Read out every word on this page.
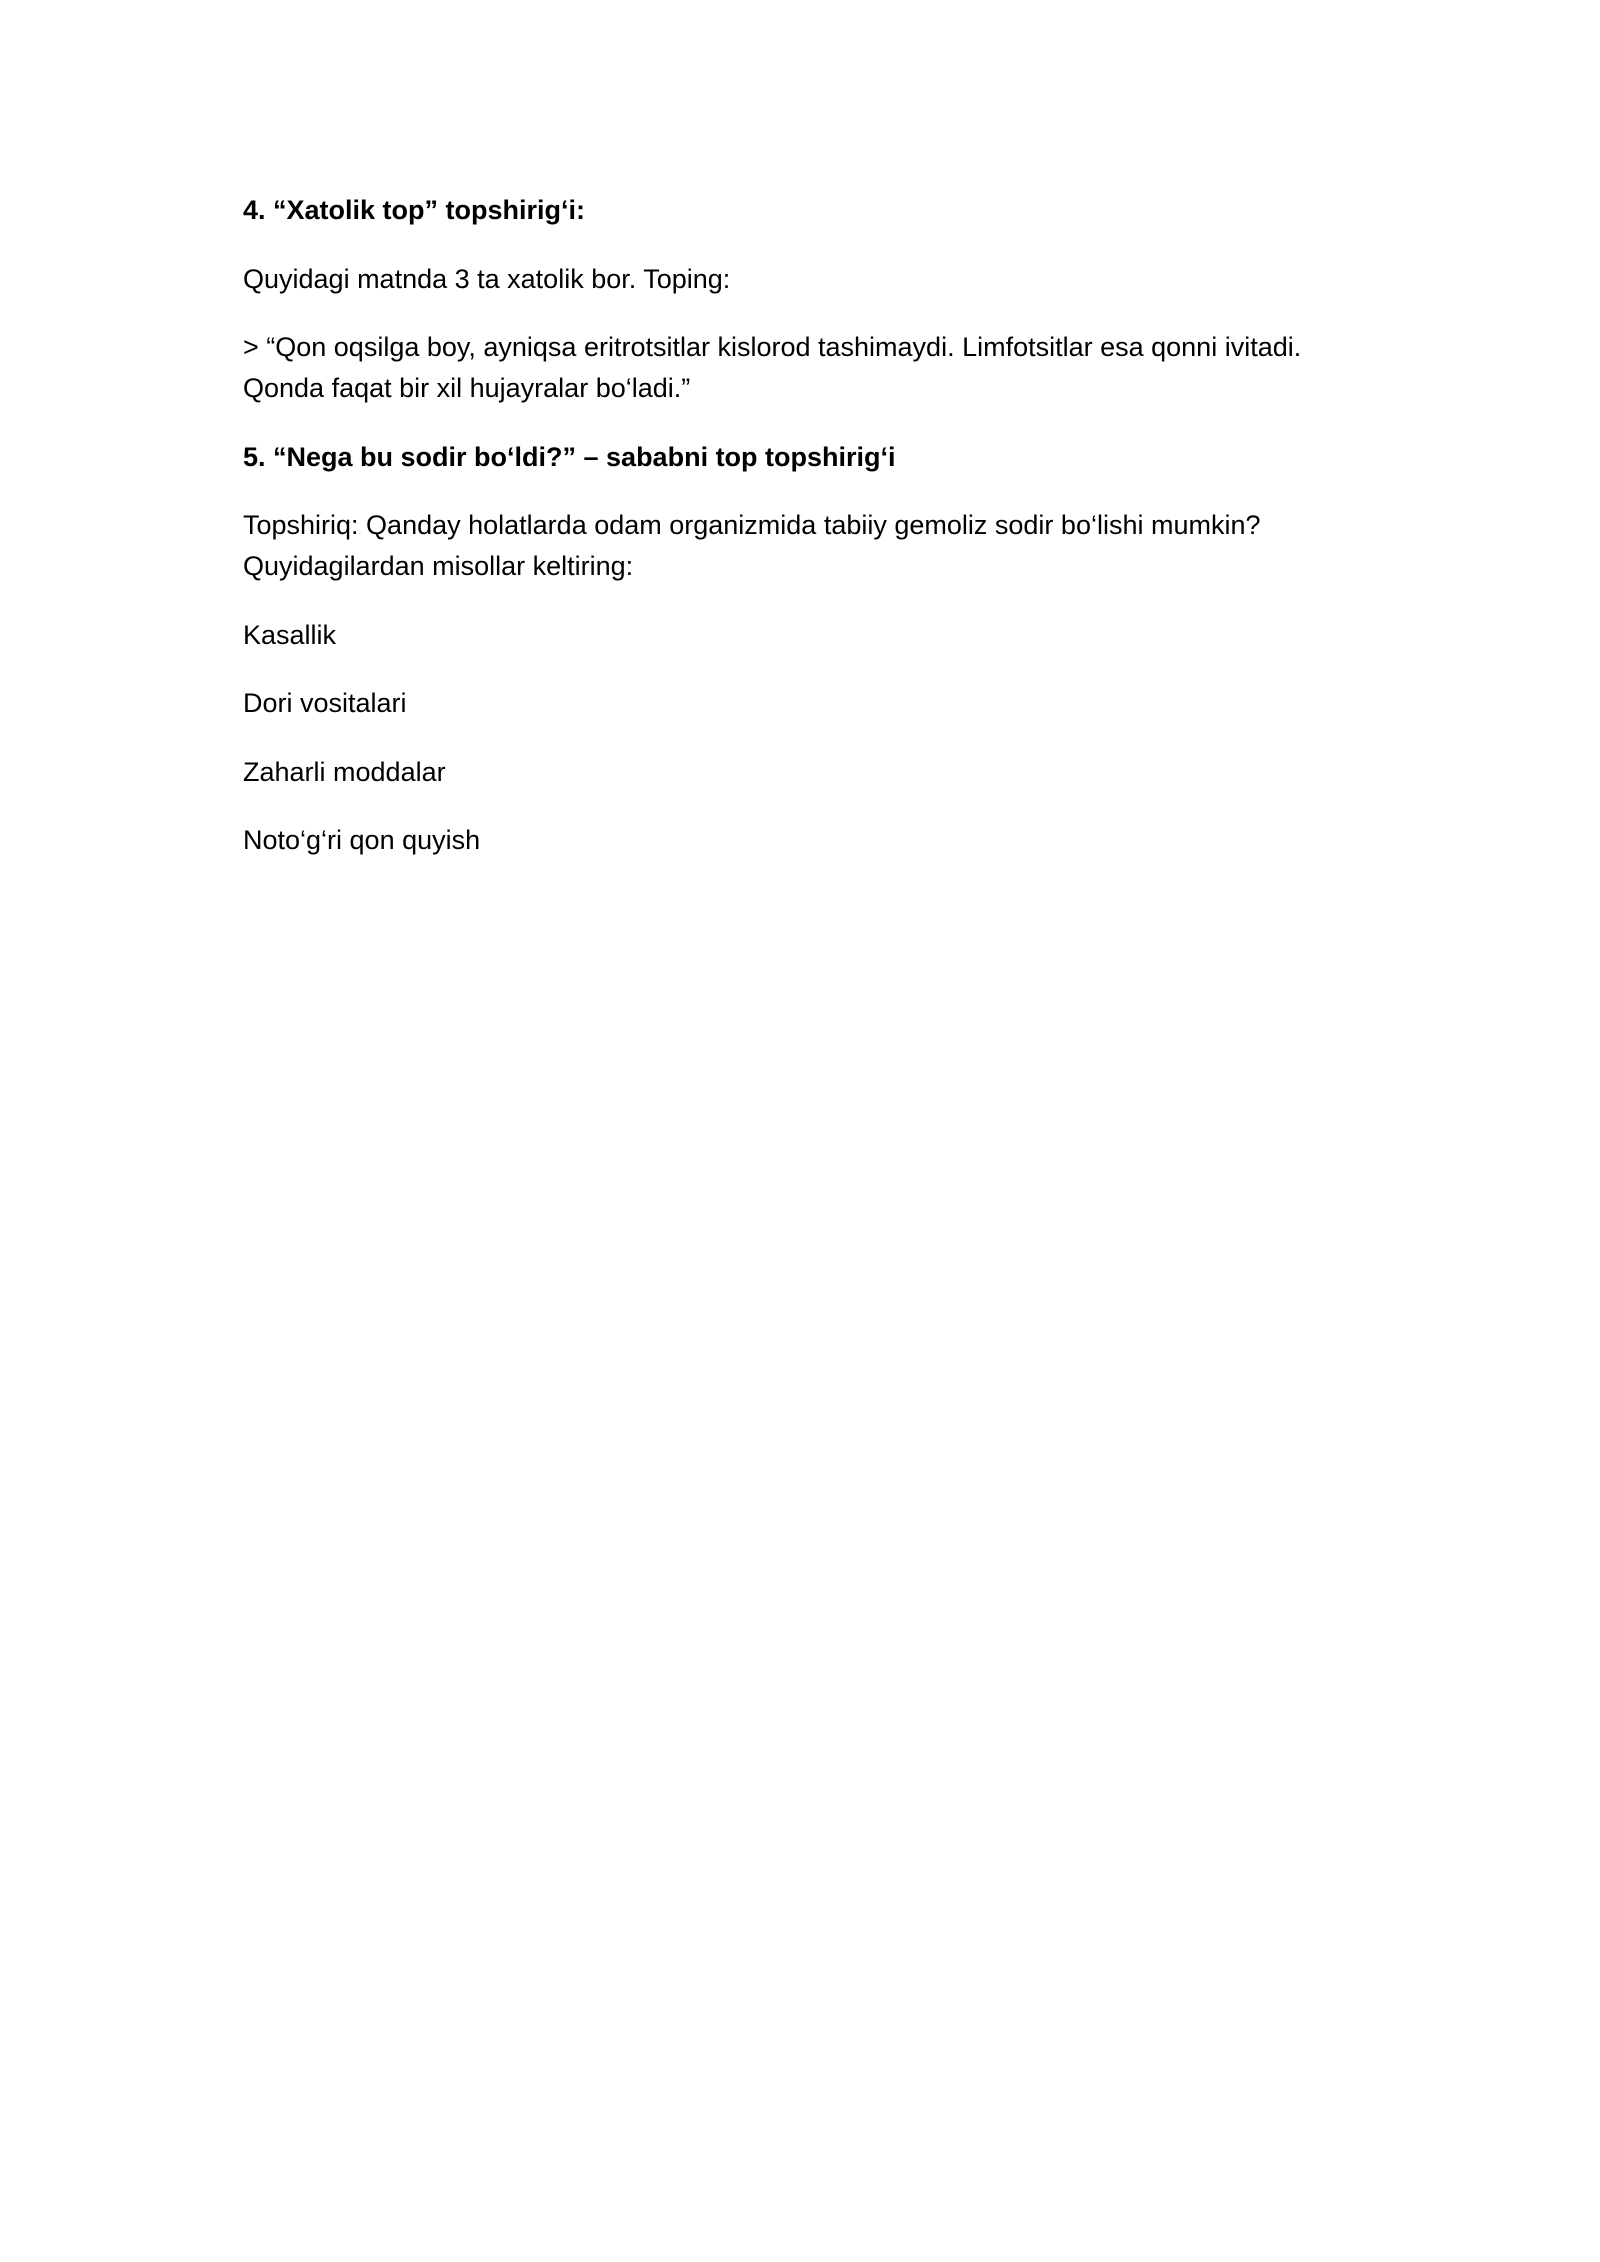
4. “Xatolik top” topshirig‘i:

Quyidagi matnda 3 ta xatolik bor. Toping:

> “Qon oqsilga boy, ayniqsa eritrotsitlar kislorod tashimaydi. Limfotsitlar esa qonni ivitadi.
Qonda faqat bir xil hujayralar bo‘ladi.”

5. “Nega bu sodir bo‘ldi?” – sababni top topshirig‘i

Topshiriq: Qanday holatlarda odam organizmida tabiiy gemoliz sodir bo‘lishi mumkin?
Quyidagilardan misollar keltiring:

Kasallik

Dori vositalari

Zaharli moddalar

Noto‘g‘ri qon quyish
